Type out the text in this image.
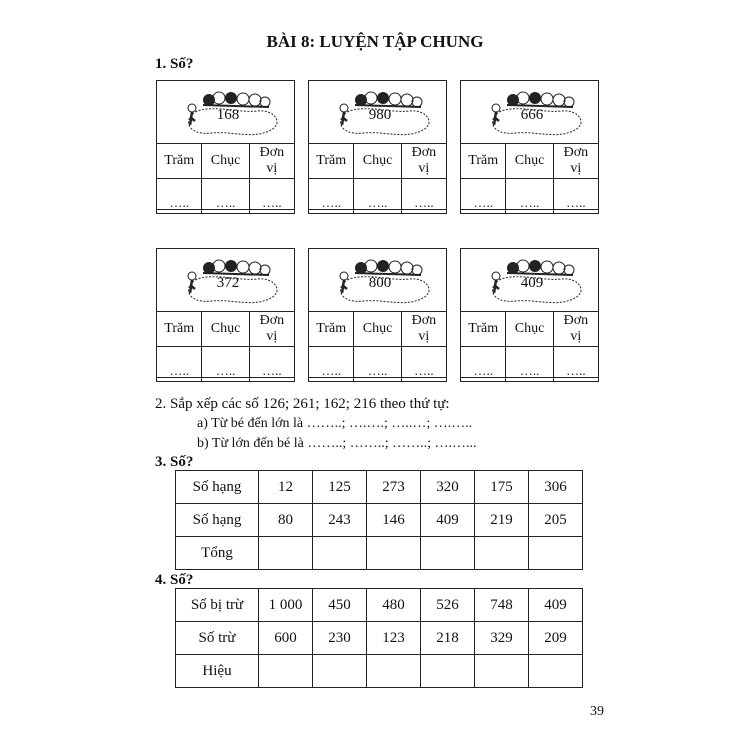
BÀI 8: LUYỆN TẬP CHUNG
1. Số?
168
Trăm	Chục	Đơn
vị
…..	…..	…..
980
Trăm	Chục	Đơn
vị
…..	…..	…..
666
Trăm	Chục	Đơn
vị
…..	…..	…..
372
Trăm	Chục	Đơn
vị
…..	…..	…..
800
Trăm	Chục	Đơn
vị
…..	…..	…..
409
Trăm	Chục	Đơn
vị
…..	…..	…..
2. Sắp xếp các số 126; 261; 162; 216 theo thứ tự:
a) Từ bé đến lớn là ……..; ….….; …..…; ….…..
b) Từ lớn đến bé là ……..; ……..; ……..; ….…...
3. Số?
Số hạng	12	125	273	320	175	306
Số hạng	80	243	146	409	219	205
Tổng						
4. Số?
Số bị trừ	1 000	450	480	526	748	409
Số trừ	600	230	123	218	329	209
Hiệu						
39
